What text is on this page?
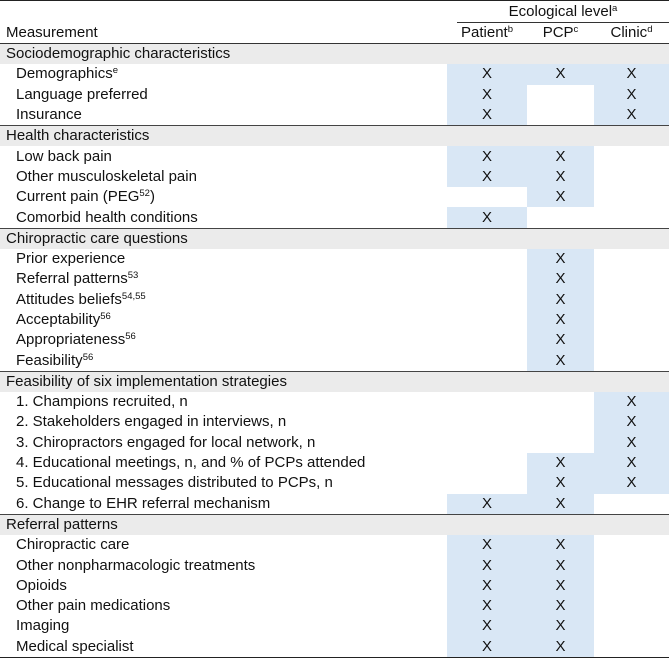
	Ecological level$^a$

Measurement	Patient$^b$	PCP$^c$	Clinic$^d$
Sociodemographic characteristics			
Demographics$^e$	X	X	X
Language preferred	X		X
Insurance	X		X
Health characteristics			
Low back pain	X	X	
Other musculoskeletal pain	X	X	
Current pain (PEG$^{52}$)		X	
Comorbid health conditions	X		
Chiropractic care questions			
Prior experience		X	
Referral patterns$^{53}$		X	
Attitudes beliefs$^{54,55}$		X	
Acceptability$^{56}$		X	
Appropriateness$^{56}$		X	
Feasibility$^{56}$		X	
Feasibility of six implementation strategies			
1. Champions recruited, n			X
2. Stakeholders engaged in interviews, n			X
3. Chiropractors engaged for local network, n			X
4. Educational meetings, n, and % of PCPs attended		X	X
5. Educational messages distributed to PCPs, n		X	X
6. Change to EHR referral mechanism	X	X	
Referral patterns			
Chiropractic care	X	X	
Other nonpharmacologic treatments	X	X	
Opioids	X	X	
Other pain medications	X	X	
Imaging	X	X	
Medical specialist	X	X	
